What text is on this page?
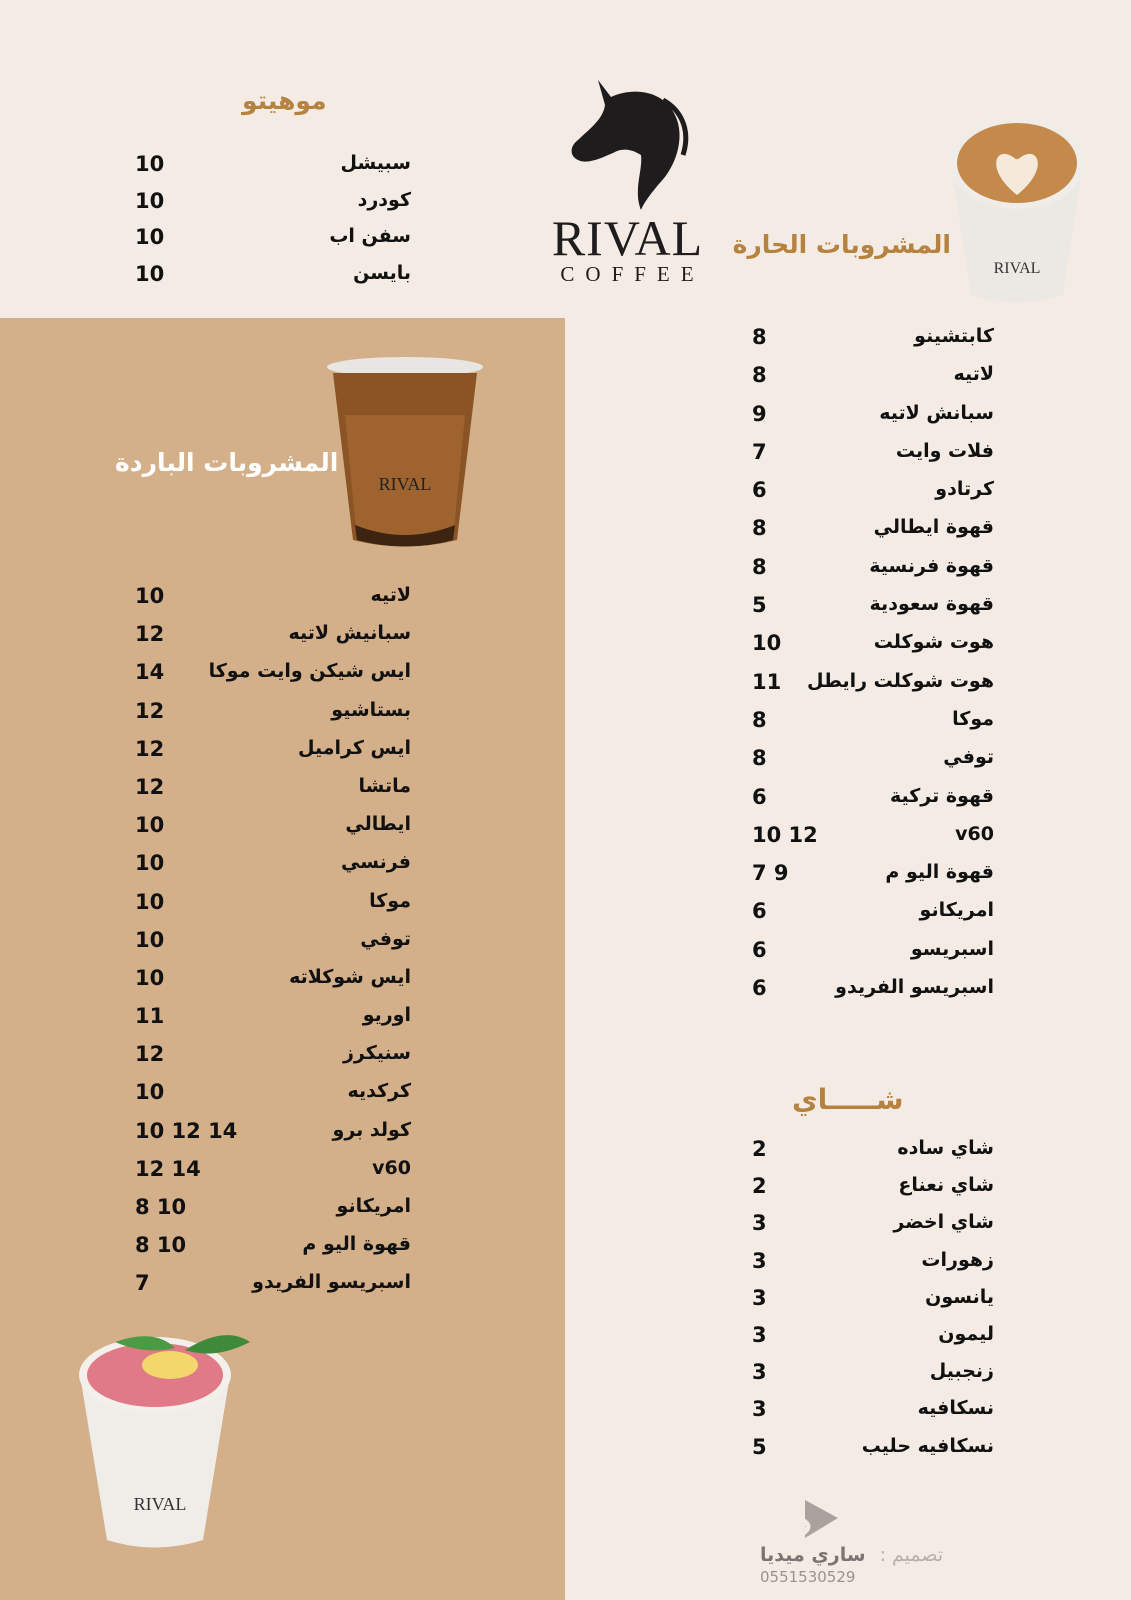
RIVAL
COFFEE	RIVAL
المشروبات الحارة
كابتشينو
8
لاتيه
8
سبانش لاتيه
9
فلات وايت
7
كرتادو
6
قهوة ايطالي
8
قهوة فرنسية
8
قهوة سعودية
5
هوت شوكلت
10
هوت شوكلت رايطل
11
موكا
8
توفي
8
قهوة تركية
6
v60
10 12
قهوة اليو م
7 9
امريكانو
6
اسبريسو
6
اسبريسو الفريدو
6
شـــــاي
شاي ساده
2
شاي نعناع
2
شاي اخضر
3
زهورات
3
يانسون
3
ليمون
3
زنجبيل
3
نسكافيه
3
نسكافيه حليب
5
موهيتو
سبيشل
10
كودرد
10
سفن اب
10
بايسن
10
RIVAL
المشروبات الباردة
لاتيه
10
سبانيش لاتيه
12
ايس شيكن وايت موكا
14
بستاشيو
12
ايس كراميل
12
ماتشا
12
ايطالي
10
فرنسي
10
موكا
10
توفي
10
ايس شوكلاته
10
اوريو
11
سنيكرز
12
كركديه
10
كولد برو
10 12 14
v60
12 14
امريكانو
8 10
قهوة اليو م
8 10
اسبريسو الفريدو
7
RIVAL
تصميم :
ساري ميديا
0551530529
